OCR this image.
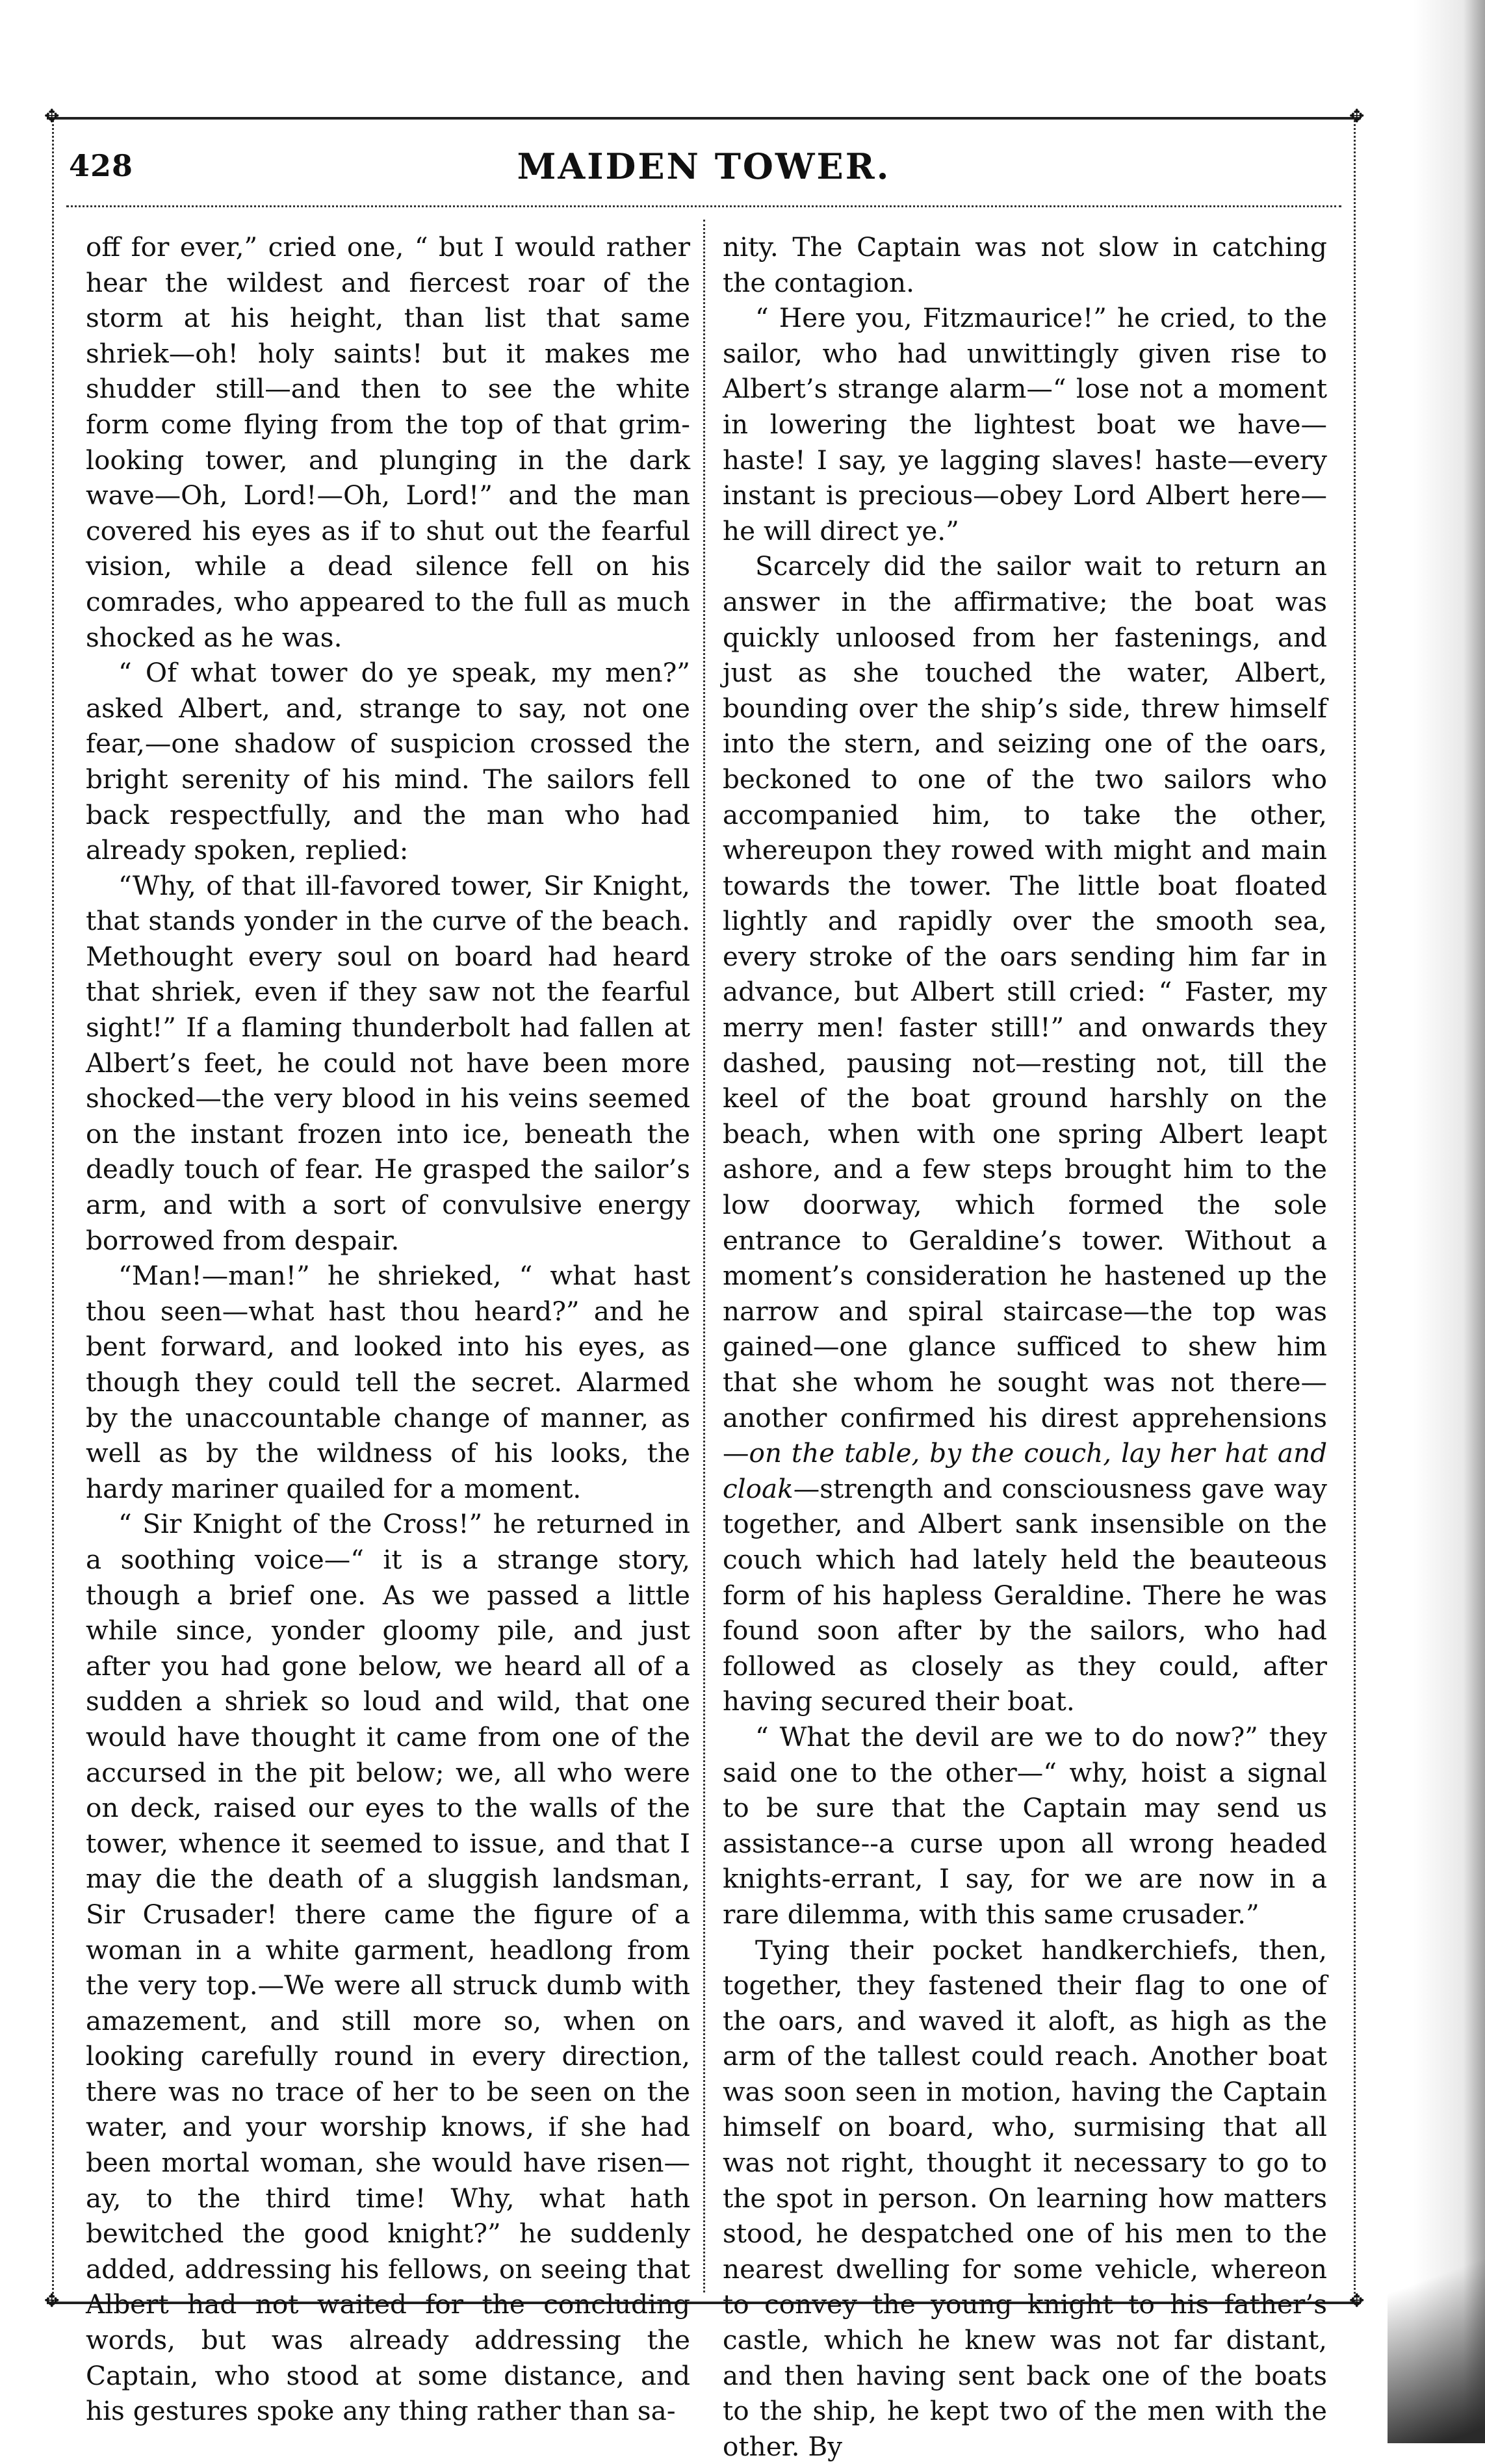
✥	✥
✥	✥
428	MAIDEN TOWER.

off for ever,” cried one, “ but I would rather hear the wildest and fiercest roar of the storm at his height, than list that same shriek—oh! holy saints! but it makes me shudder still—and then to see the white form come flying from the top of that grim-looking tower, and plunging in the dark wave—Oh, Lord!—Oh, Lord!” and the man covered his eyes as if to shut out the fearful vision, while a dead silence fell on his comrades, who appeared to the full as much shocked as he was.

“ Of what tower do ye speak, my men?” asked Albert, and, strange to say, not one fear,—one shadow of suspicion crossed the bright serenity of his mind. The sailors fell back respectfully, and the man who had already spoken, replied:

“Why, of that ill-favored tower, Sir Knight, that stands yonder in the curve of the beach. Methought every soul on board had heard that shriek, even if they saw not the fearful sight!” If a flaming thunderbolt had fallen at Albert’s feet, he could not have been more shocked—the very blood in his veins seemed on the instant frozen into ice, beneath the deadly touch of fear. He grasped the sailor’s arm, and with a sort of convulsive energy borrowed from despair.

“Man!—man!” he shrieked, “ what hast thou seen—what hast thou heard?” and he bent forward, and looked into his eyes, as though they could tell the secret. Alarmed by the unaccountable change of manner, as well as by the wildness of his looks, the hardy mariner quailed for a moment.

“ Sir Knight of the Cross!” he returned in a soothing voice—“ it is a strange story, though a brief one. As we passed a little while since, yonder gloomy pile, and just after you had gone below, we heard all of a sudden a shriek so loud and wild, that one would have thought it came from one of the accursed in the pit below; we, all who were on deck, raised our eyes to the walls of the tower, whence it seemed to issue, and that I may die the death of a sluggish landsman, Sir Crusader! there came the figure of a woman in a white garment, headlong from the very top.—We were all struck dumb with amazement, and still more so, when on looking carefully round in every direction, there was no trace of her to be seen on the water, and your worship knows, if she had been mortal woman, she would have risen—ay, to the third time! Why, what hath bewitched the good knight?” he suddenly added, addressing his fellows, on seeing that Albert had not waited for the concluding words, but was already addressing the Captain, who stood at some distance, and his gestures spoke any thing rather than sa-

nity. The Captain was not slow in catching the contagion.

“ Here you, Fitzmaurice!” he cried, to the sailor, who had unwittingly given rise to Albert’s strange alarm—“ lose not a moment in lowering the lightest boat we have—haste! I say, ye lagging slaves! haste—every instant is precious—obey Lord Albert here—he will direct ye.”

Scarcely did the sailor wait to return an answer in the affirmative; the boat was quickly unloosed from her fastenings, and just as she touched the water, Albert, bounding over the ship’s side, threw himself into the stern, and seizing one of the oars, beckoned to one of the two sailors who accompanied him, to take the other, whereupon they rowed with might and main towards the tower. The little boat floated lightly and rapidly over the smooth sea, every stroke of the oars sending him far in advance, but Albert still cried: “ Faster, my merry men! faster still!” and onwards they dashed, pausing not—resting not, till the keel of the boat ground harshly on the beach, when with one spring Albert leapt ashore, and a few steps brought him to the low doorway, which formed the sole entrance to Geraldine’s tower. Without a moment’s consideration he hastened up the narrow and spiral staircase—the top was gained—one glance sufficed to shew him that she whom he sought was not there—another confirmed his direst apprehensions—on the table, by the couch, lay her hat and cloak—strength and consciousness gave way together, and Albert sank insensible on the couch which had lately held the beauteous form of his hapless Geraldine. There he was found soon after by the sailors, who had followed as closely as they could, after having secured their boat.

“ What the devil are we to do now?” they said one to the other—“ why, hoist a signal to be sure that the Captain may send us assistance--a curse upon all wrong headed knights-errant, I say, for we are now in a rare dilemma, with this same crusader.”

Tying their pocket handkerchiefs, then, together, they fastened their flag to one of the oars, and waved it aloft, as high as the arm of the tallest could reach. Another boat was soon seen in motion, having the Captain himself on board, who, surmising that all was not right, thought it necessary to go to the spot in person. On learning how matters stood, he despatched one of his men to the nearest dwelling for some vehicle, whereon to convey the young knight to his father’s castle, which he knew was not far distant, and then having sent back one of the boats to the ship, he kept two of the men with the other. By
